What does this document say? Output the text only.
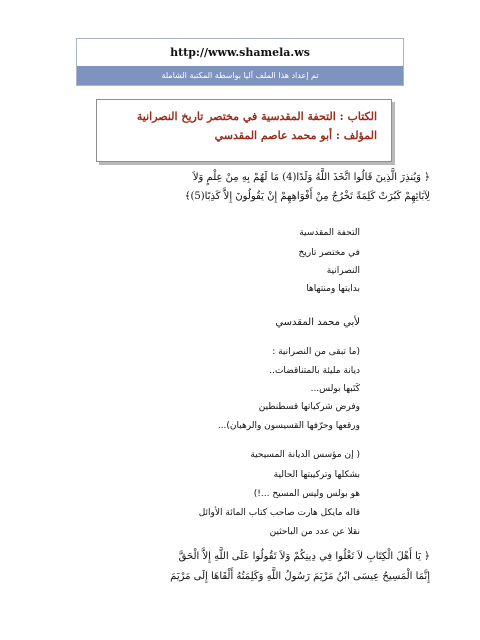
http://www.shamela.ws
تم إعداد هذا الملف آليا بواسطة المكتبة الشاملة
الكتاب : التحفة المقدسية في مختصر تاريخ النصرانية
المؤلف : أبو محمد عاصم المقدسي
﴿ وَيُنذِرَ الَّذِينَ قَالُوا اتَّخَذَ اللَّهُ وَلَدًا(4) مَا لَهُمْ بِهِ مِنْ عِلْمٍ وَلاَ
لِآبَائِهِمْ كَبُرَتْ كَلِمَةً تَخْرُجُ مِنْ أَفْوَاهِهِمْ إِنْ يَقُولُونَ إِلاَّ كَذِبًا(5)﴾
التحفة المقدسية
في مختصر تاريخ
النصرانية
بدايتها ومنتهاها
لأبي محمد المقدسي
(ما تبقى من النصرانية :
ديانة مليئة بالمتناقضات..
كَتَبها بولس...
وفرض شركياتها قسطنطين
ورقعها وحرّفها القسيسون والرهبان)...
( إن مؤسس الديانة المسيحية
بشكلها وتركيبتها الحالية
هو بولس وليس المسيح ...!)
قاله مايكل هارت صاحب كتاب المائة الأوائل
نقلا عن عدد من الباحثين
﴿ يَا أَهْلَ الْكِتَابِ لاَ تَغْلُوا فِي دِينِكُمْ وَلاَ تَقُولُوا عَلَى اللَّهِ إِلاَّ الْحَقَّ
إِنَّمَا الْمَسِيحُ عِيسَى ابْنُ مَرْيَمَ رَسُولُ اللَّهِ وَكَلِمَتُهُ أَلْقَاهَا إِلَى مَرْيَمَ
